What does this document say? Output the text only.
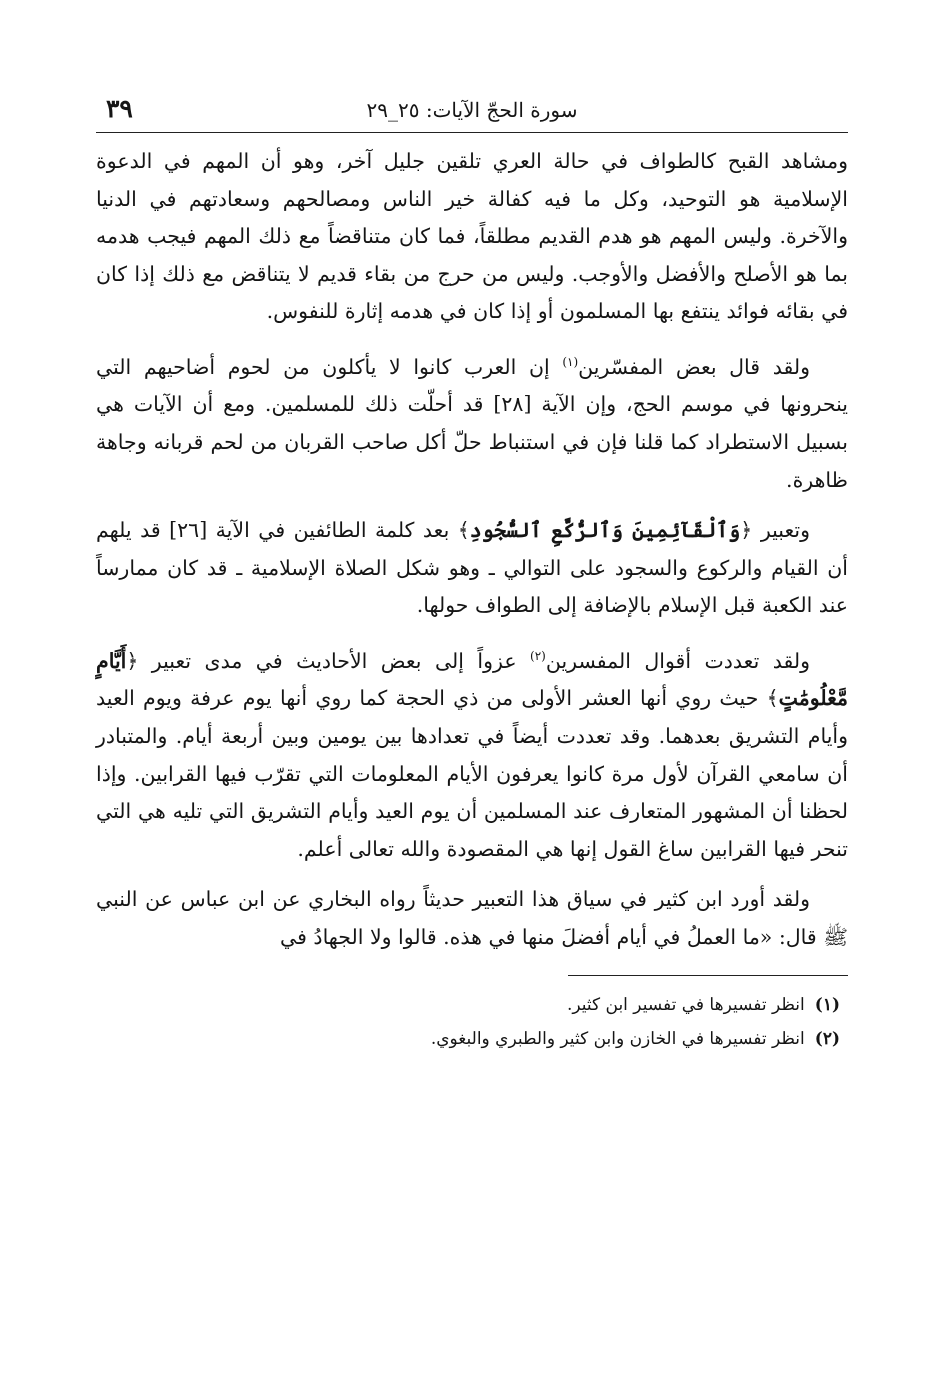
سورة الحجّ الآيات: ٢٥_٢٩
٣٩

ومشاهد القبح كالطواف في حالة العري تلقين جليل آخر، وهو أن المهم في الدعوة الإسلامية هو التوحيد، وكل ما فيه كفالة خير الناس ومصالحهم وسعادتهم في الدنيا والآخرة. وليس المهم هو هدم القديم مطلقاً، فما كان متناقضاً مع ذلك المهم فيجب هدمه بما هو الأصلح والأفضل والأوجب. وليس من حرج من بقاء قديم لا يتناقض مع ذلك إذا كان في بقائه فوائد ينتفع بها المسلمون أو إذا كان في هدمه إثارة للنفوس.

ولقد قال بعض المفسّرين$^{(١)}$ إن العرب كانوا لا يأكلون من لحوم أضاحيهم التي ينحرونها في موسم الحج، وإن الآية [٢٨] قد أحلّت ذلك للمسلمين. ومع أن الآيات هي بسبيل الاستطراد كما قلنا فإن في استنباط حلّ أكل صاحب القربان من لحم قربانه وجاهة ظاهرة.

وتعبير ﴿وَٱلْقَآئِمِينَ وَٱلرُّكَّعِ ٱلسُّجُودِ﴾ بعد كلمة الطائفين في الآية [٢٦] قد يلهم أن القيام والركوع والسجود على التوالي ـ وهو شكل الصلاة الإسلامية ـ قد كان ممارساً عند الكعبة قبل الإسلام بالإضافة إلى الطواف حولها.

ولقد تعددت أقوال المفسرين$^{(٢)}$ عزواً إلى بعض الأحاديث في مدى تعبير ﴿أَيَّامٍ مَّعْلُومَٰتٍ﴾ حيث روي أنها العشر الأولى من ذي الحجة كما روي أنها يوم عرفة ويوم العيد وأيام التشريق بعدهما. وقد تعددت أيضاً في تعدادها بين يومين وبين أربعة أيام. والمتبادر أن سامعي القرآن لأول مرة كانوا يعرفون الأيام المعلومات التي تقرّب فيها القرابين. وإذا لحظنا أن المشهور المتعارف عند المسلمين أن يوم العيد وأيام التشريق التي تليه هي التي تنحر فيها القرابين ساغ القول إنها هي المقصودة والله تعالى أعلم.

ولقد أورد ابن كثير في سياق هذا التعبير حديثاً رواه البخاري عن ابن عباس عن النبي ﷺ قال: «ما العملُ في أيام أفضلَ منها في هذه. قالوا ولا الجهادُ في

(١)انظر تفسيرها في تفسير ابن كثير.
(٢)انظر تفسيرها في الخازن وابن كثير والطبري والبغوي.
